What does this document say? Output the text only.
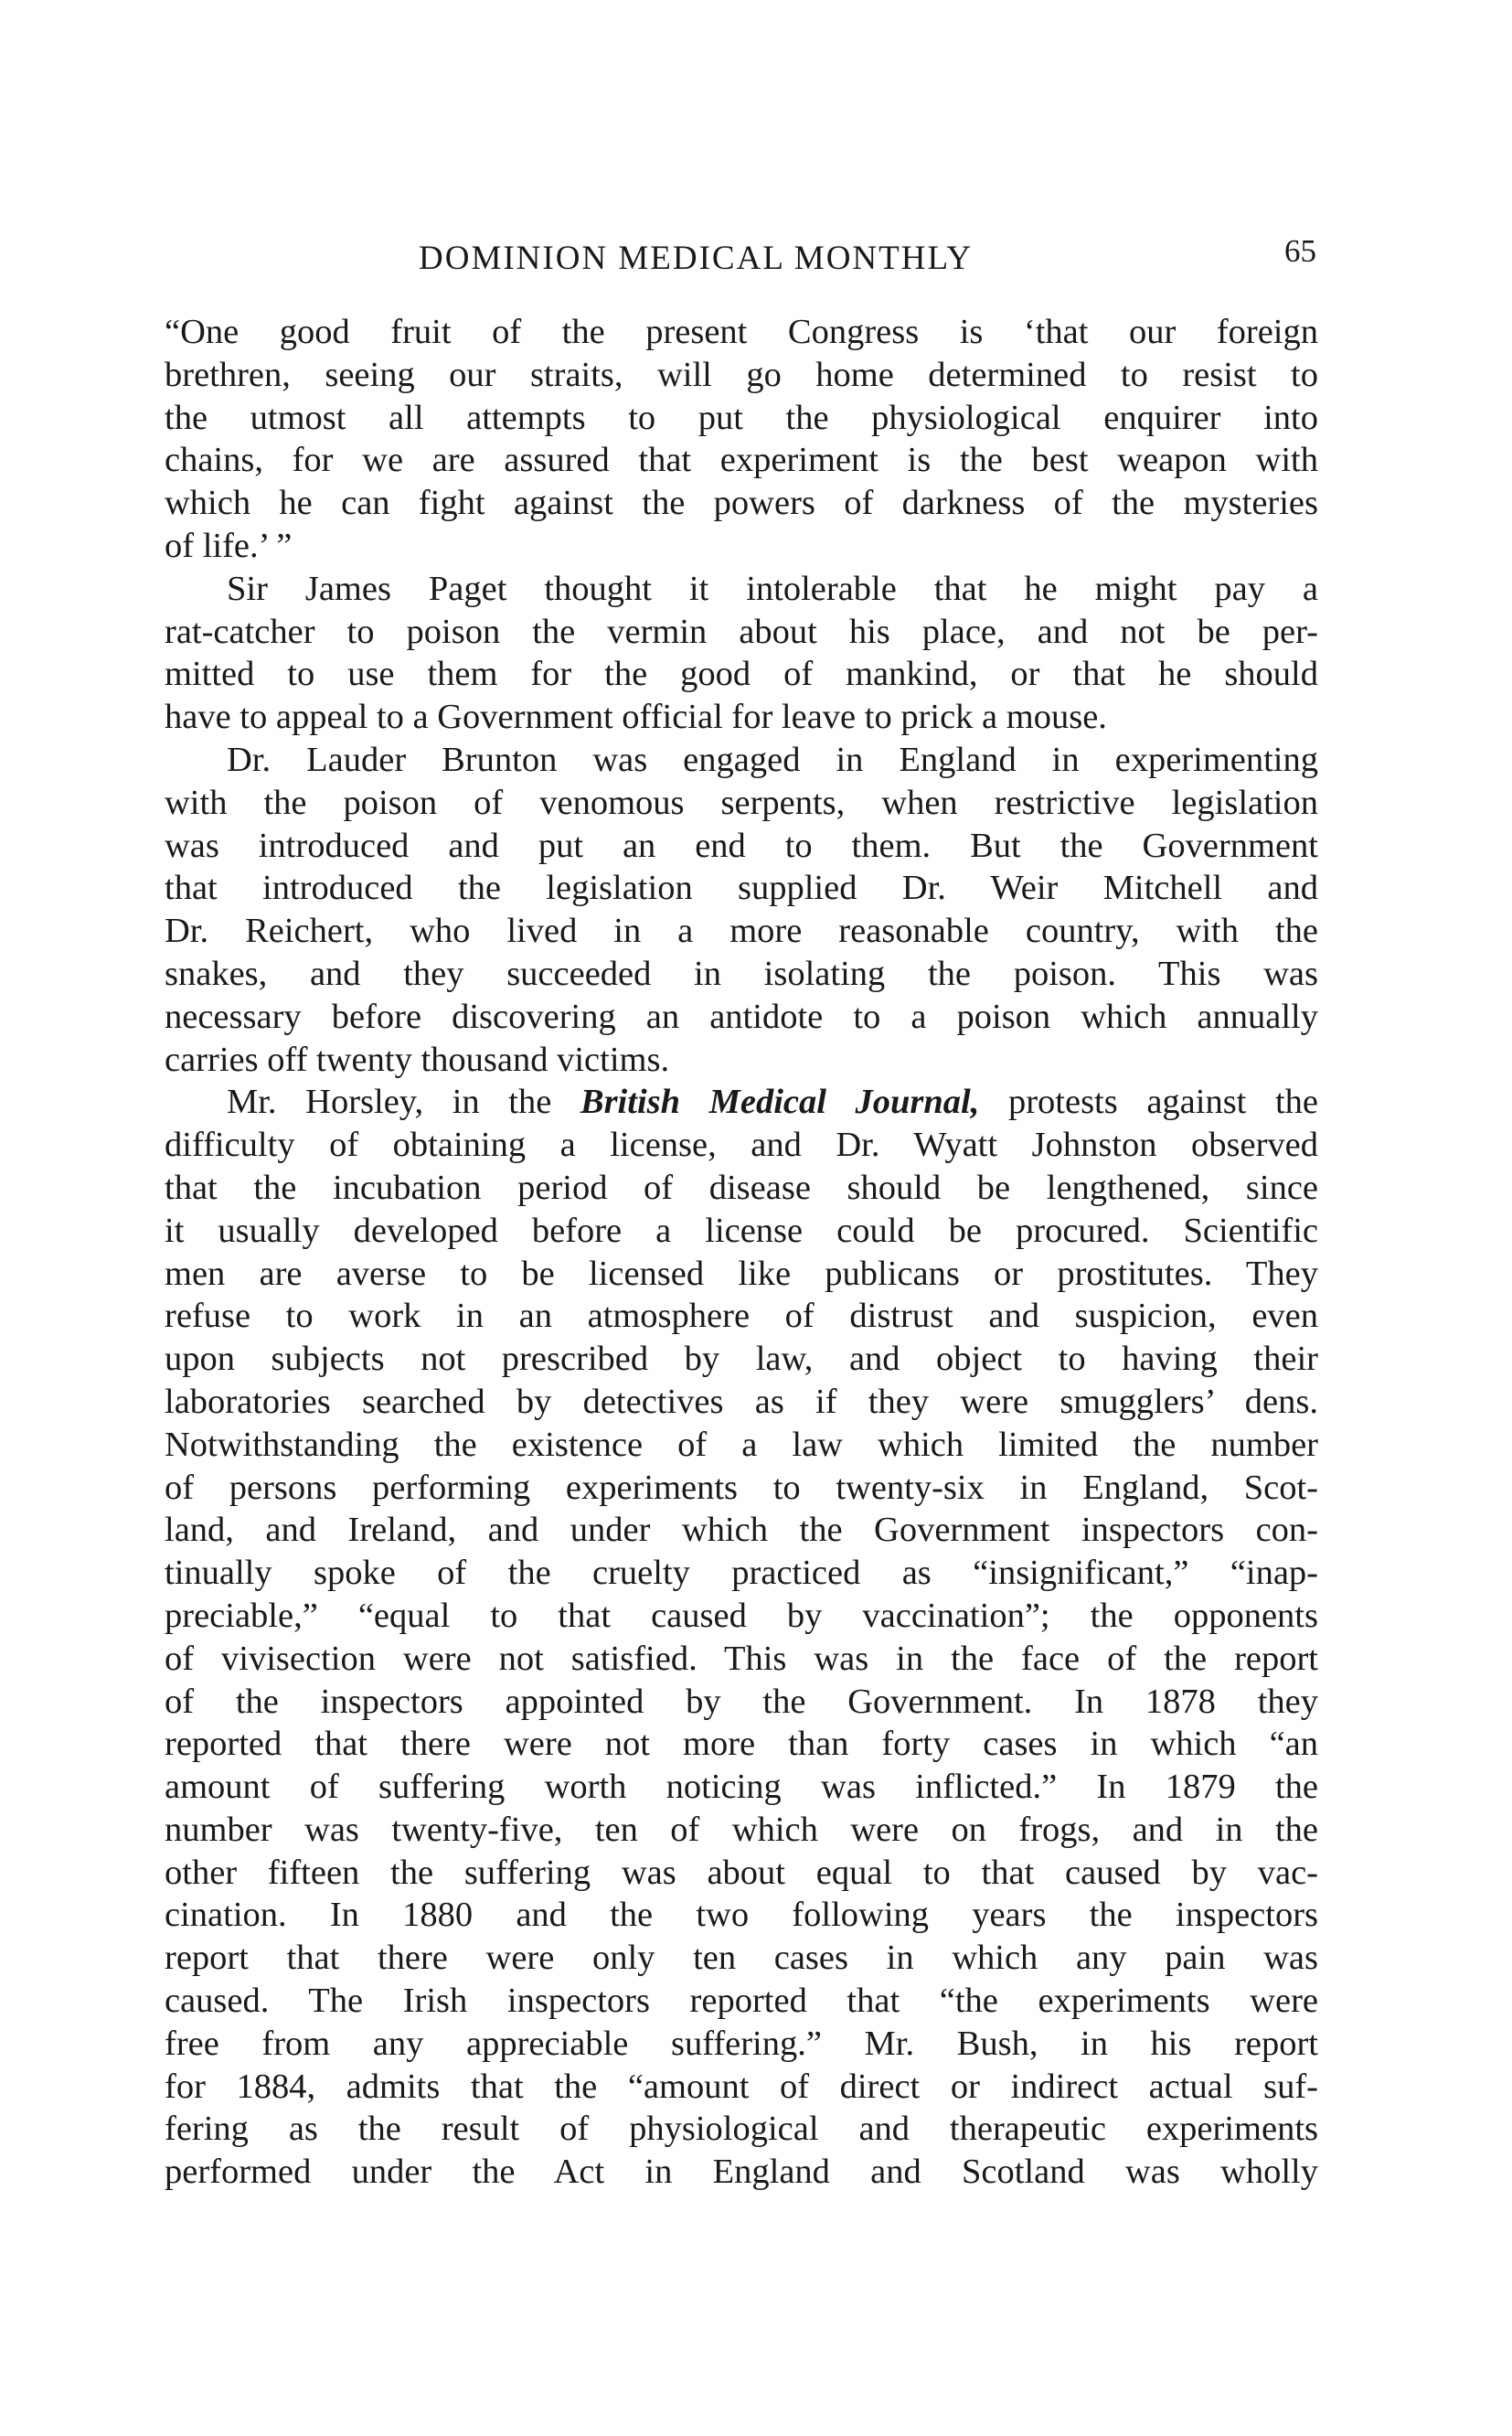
DOMINION MEDICAL MONTHLY	65
“One good fruit of the present Congress is ‘that our foreign
brethren, seeing our straits, will go home determined to resist to
the utmost all attempts to put the physiological enquirer into
chains, for we are assured that experiment is the best weapon with
which he can fight against the powers of darkness of the mysteries
of life.’ ”
Sir James Paget thought it intolerable that he might pay a
rat-catcher to poison the vermin about his place, and not be per-
mitted to use them for the good of mankind, or that he should
have to appeal to a Government official for leave to prick a mouse.
Dr. Lauder Brunton was engaged in England in experimenting
with the poison of venomous serpents, when restrictive legislation
was introduced and put an end to them. But the Government
that introduced the legislation supplied Dr. Weir Mitchell and
Dr. Reichert, who lived in a more reasonable country, with the
snakes, and they succeeded in isolating the poison. This was
necessary before discovering an antidote to a poison which annually
carries off twenty thousand victims.
Mr. Horsley, in the British Medical Journal, protests against the
difficulty of obtaining a license, and Dr. Wyatt Johnston observed
that the incubation period of disease should be lengthened, since
it usually developed before a license could be procured. Scientific
men are averse to be licensed like publicans or prostitutes. They
refuse to work in an atmosphere of distrust and suspicion, even
upon subjects not prescribed by law, and object to having their
laboratories searched by detectives as if they were smugglers’ dens.
Notwithstanding the existence of a law which limited the number
of persons performing experiments to twenty-six in England, Scot-
land, and Ireland, and under which the Government inspectors con-
tinually spoke of the cruelty practiced as “insignificant,” “inap-
preciable,” “equal to that caused by vaccination”; the opponents
of vivisection were not satisfied. This was in the face of the report
of the inspectors appointed by the Government. In 1878 they
reported that there were not more than forty cases in which “an
amount of suffering worth noticing was inflicted.” In 1879 the
number was twenty-five, ten of which were on frogs, and in the
other fifteen the suffering was about equal to that caused by vac-
cination. In 1880 and the two following years the inspectors
report that there were only ten cases in which any pain was
caused. The Irish inspectors reported that “the experiments were
free from any appreciable suffering.” Mr. Bush, in his report
for 1884, admits that the “amount of direct or indirect actual suf-
fering as the result of physiological and therapeutic experiments
performed under the Act in England and Scotland was wholly
